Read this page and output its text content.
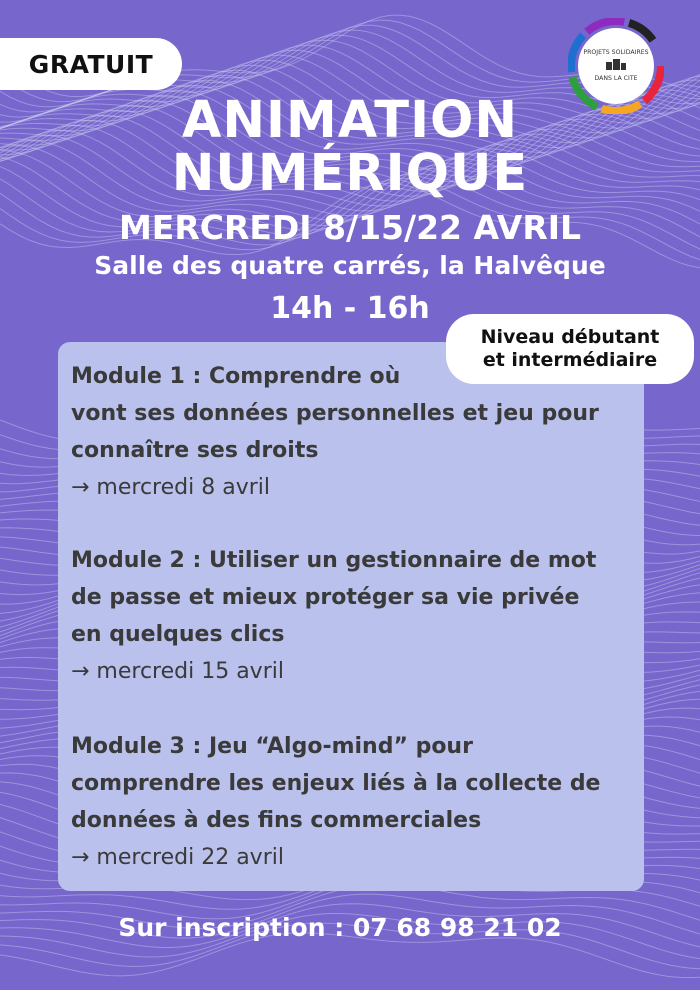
GRATUIT	PROJETS SOLIDAIRES
DANS LA CITE
ANIMATION
NUMÉRIQUE
MERCREDI 8/15/22 AVRIL
Salle des quatre carrés, la Halvêque
14h - 16h
Niveau débutant
et intermédiaire
Module 1 : Comprendre où
vont ses données personnelles et jeu pour
connaître ses droits
→ mercredi 8 avril
Module 2 : Utiliser un gestionnaire de mot
de passe et mieux protéger sa vie privée
en quelques clics
→ mercredi 15 avril
Module 3 : Jeu “Algo-mind” pour
comprendre les enjeux liés à la collecte de
données à des fins commerciales
→ mercredi 22 avril
Sur inscription : 07 68 98 21 02
